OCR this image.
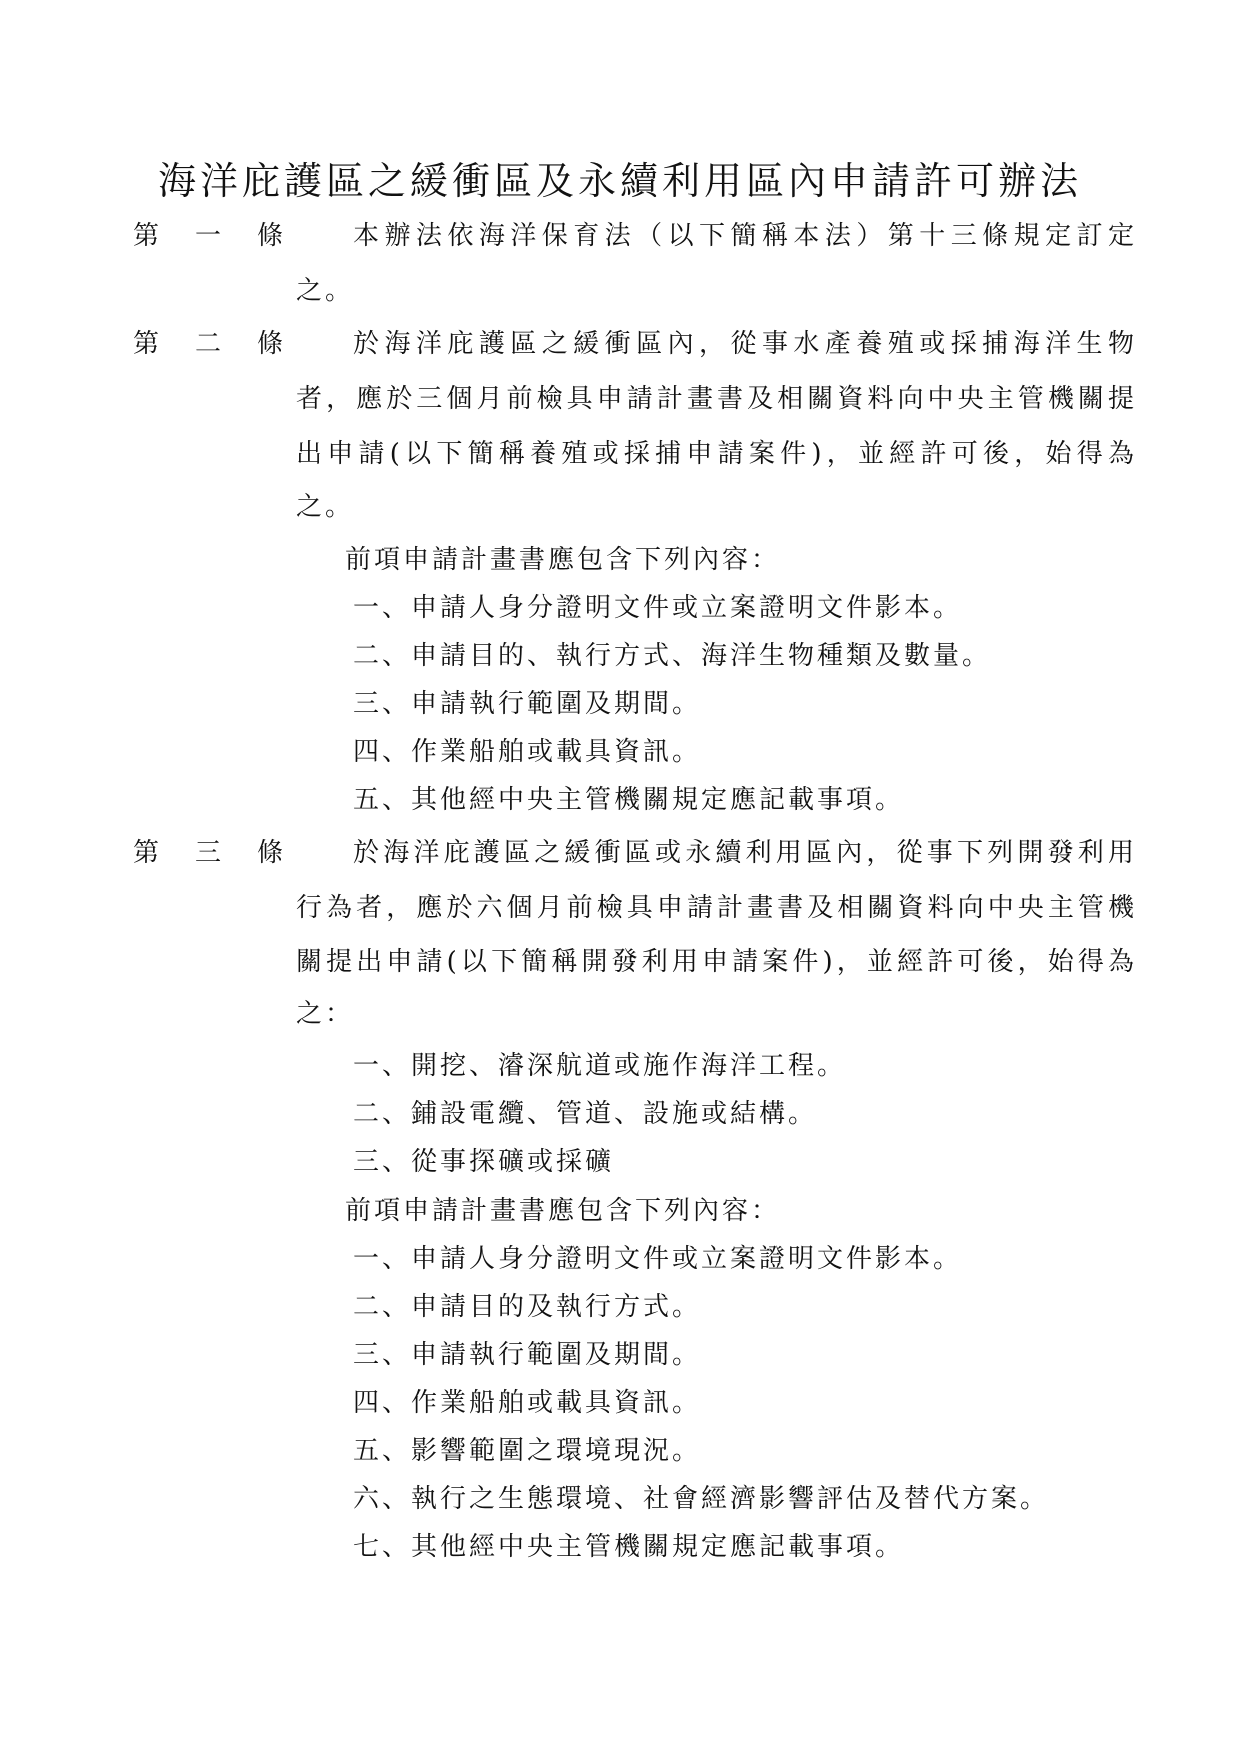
海洋庇護區之緩衝區及永續利用區內申請許可辦法
第 一 條	本辦法依海洋保育法（以下簡稱本法）第十三條規定訂定
之。
第 二 條	於海洋庇護區之緩衝區內，從事水產養殖或採捕海洋生物
者，應於三個月前檢具申請計畫書及相關資料向中央主管機關提
出申請(以下簡稱養殖或採捕申請案件)，並經許可後，始得為
之。
前項申請計畫書應包含下列內容：
一、申請人身分證明文件或立案證明文件影本。
二、申請目的、執行方式、海洋生物種類及數量。
三、申請執行範圍及期間。
四、作業船舶或載具資訊。
五、其他經中央主管機關規定應記載事項。
第 三 條	於海洋庇護區之緩衝區或永續利用區內，從事下列開發利用
行為者，應於六個月前檢具申請計畫書及相關資料向中央主管機
關提出申請(以下簡稱開發利用申請案件)，並經許可後，始得為
之：
一、開挖、濬深航道或施作海洋工程。
二、鋪設電纜、管道、設施或結構。
三、從事探礦或採礦
前項申請計畫書應包含下列內容：
一、申請人身分證明文件或立案證明文件影本。
二、申請目的及執行方式。
三、申請執行範圍及期間。
四、作業船舶或載具資訊。
五、影響範圍之環境現況。
六、執行之生態環境、社會經濟影響評估及替代方案。
七、其他經中央主管機關規定應記載事項。
